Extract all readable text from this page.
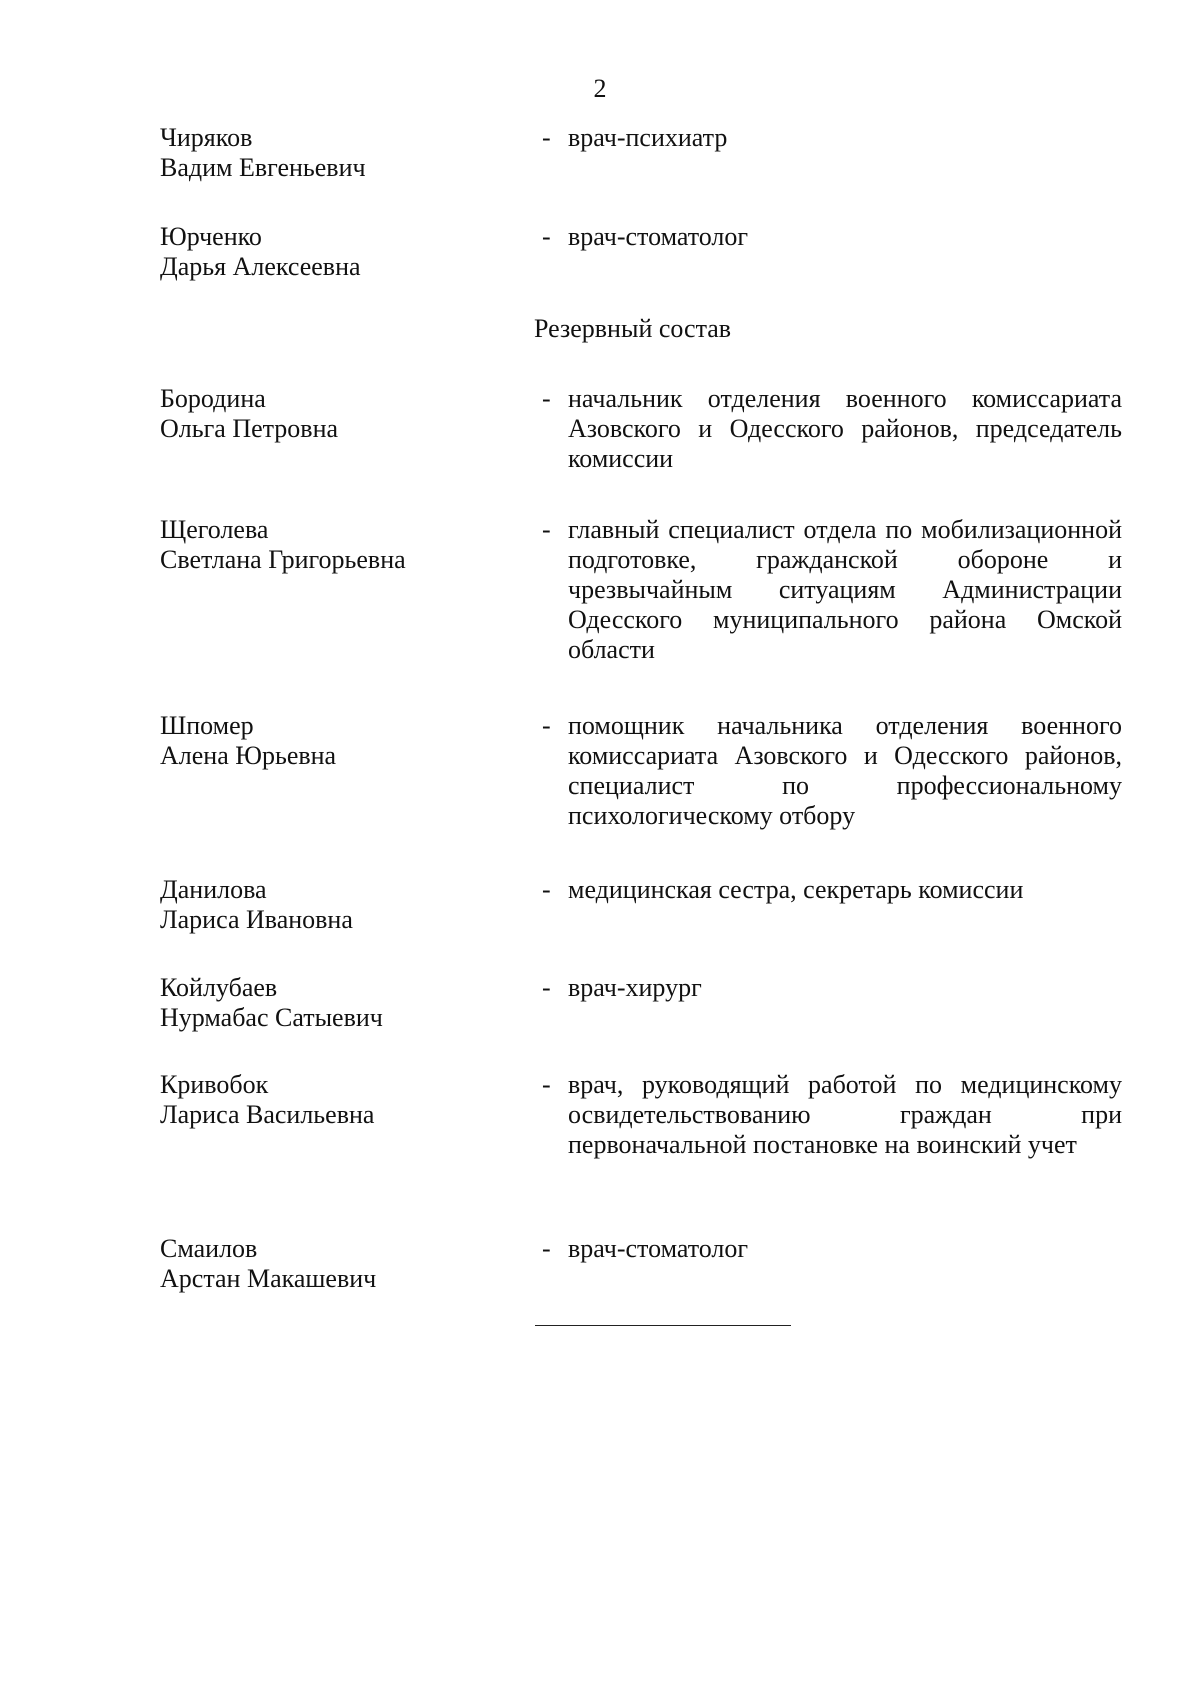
2
Чиряков
Вадим Евгеньевич
- врач-психиатр
Юрченко
Дарья Алексеевна
- врач-стоматолог
Резервный состав
Бородина
Ольга Петровна
- начальник отделения военного комиссариата Азовского и Одесского районов, председатель комиссии
Щеголева
Светлана Григорьевна
- главный специалист отдела по мобилизационной подготовке, гражданской обороне и чрезвычайным ситуациям Администрации Одесского муниципального района Омской области
Шпомер
Алена Юрьевна
- помощник начальника отделения военного комиссариата Азовского и Одесского районов, специалист по профессиональному психологическому отбору
Данилова
Лариса Ивановна
- медицинская сестра, секретарь комиссии
Койлубаев
Нурмабас Сатыевич
- врач-хирург
Кривобок
Лариса Васильевна
- врач, руководящий работой по медицинскому освидетельствованию граждан при первоначальной постановке на воинский учет
Смаилов
Арстан Макашевич
- врач-стоматолог
